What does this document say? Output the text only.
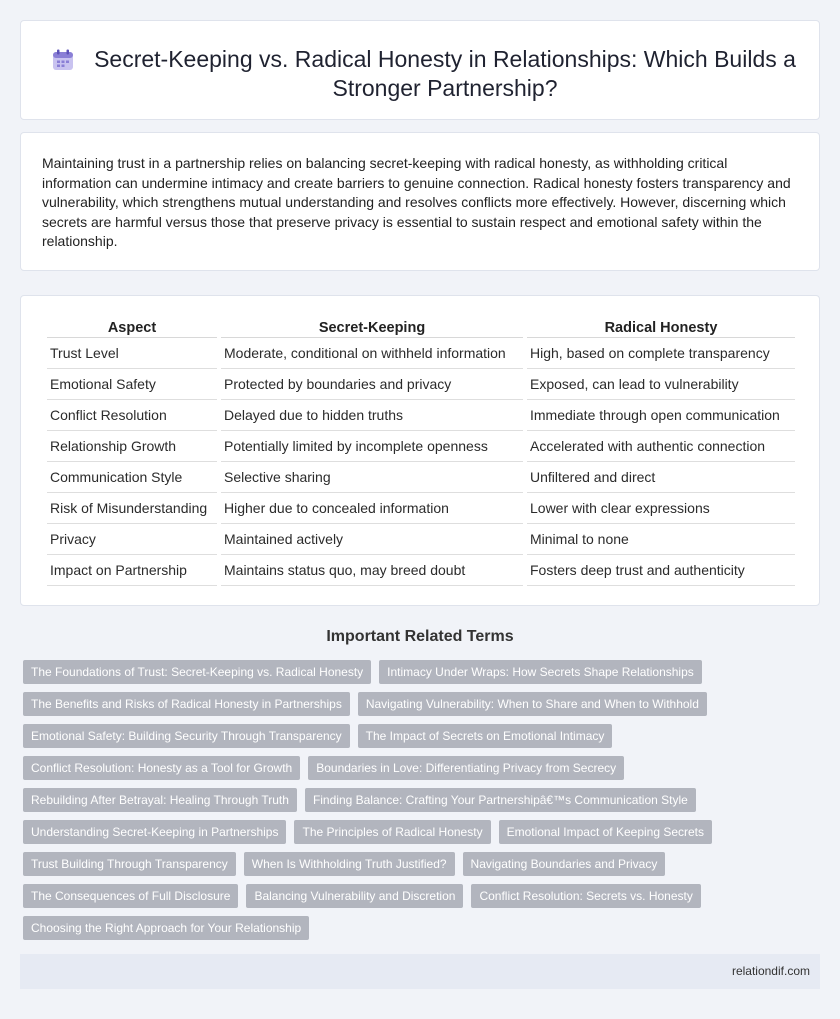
Secret-Keeping vs. Radical Honesty in Relationships: Which Builds a Stronger Partnership?

Maintaining trust in a partnership relies on balancing secret-keeping with radical honesty, as withholding critical information can undermine intimacy and create barriers to genuine connection. Radical honesty fosters transparency and vulnerability, which strengthens mutual understanding and resolves conflicts more effectively. However, discerning which secrets are harmful versus those that preserve privacy is essential to sustain respect and emotional safety within the relationship.

Aspect	Secret-Keeping	Radical Honesty
Trust Level	Moderate, conditional on withheld information	High, based on complete transparency
Emotional Safety	Protected by boundaries and privacy	Exposed, can lead to vulnerability
Conflict Resolution	Delayed due to hidden truths	Immediate through open communication
Relationship Growth	Potentially limited by incomplete openness	Accelerated with authentic connection
Communication Style	Selective sharing	Unfiltered and direct
Risk of Misunderstanding	Higher due to concealed information	Lower with clear expressions
Privacy	Maintained actively	Minimal to none
Impact on Partnership	Maintains status quo, may breed doubt	Fosters deep trust and authenticity
Important Related Terms
The Foundations of Trust: Secret-Keeping vs. Radical Honesty	Intimacy Under Wraps: How Secrets Shape Relationships
The Benefits and Risks of Radical Honesty in Partnerships	Navigating Vulnerability: When to Share and When to Withhold
Emotional Safety: Building Security Through Transparency	The Impact of Secrets on Emotional Intimacy
Conflict Resolution: Honesty as a Tool for Growth	Boundaries in Love: Differentiating Privacy from Secrecy
Rebuilding After Betrayal: Healing Through Truth	Finding Balance: Crafting Your Partnershipâ€™s Communication Style
Understanding Secret-Keeping in Partnerships	The Principles of Radical Honesty	Emotional Impact of Keeping Secrets
Trust Building Through Transparency	When Is Withholding Truth Justified?	Navigating Boundaries and Privacy
The Consequences of Full Disclosure	Balancing Vulnerability and Discretion	Conflict Resolution: Secrets vs. Honesty
Choosing the Right Approach for Your Relationship
relationdif.com
